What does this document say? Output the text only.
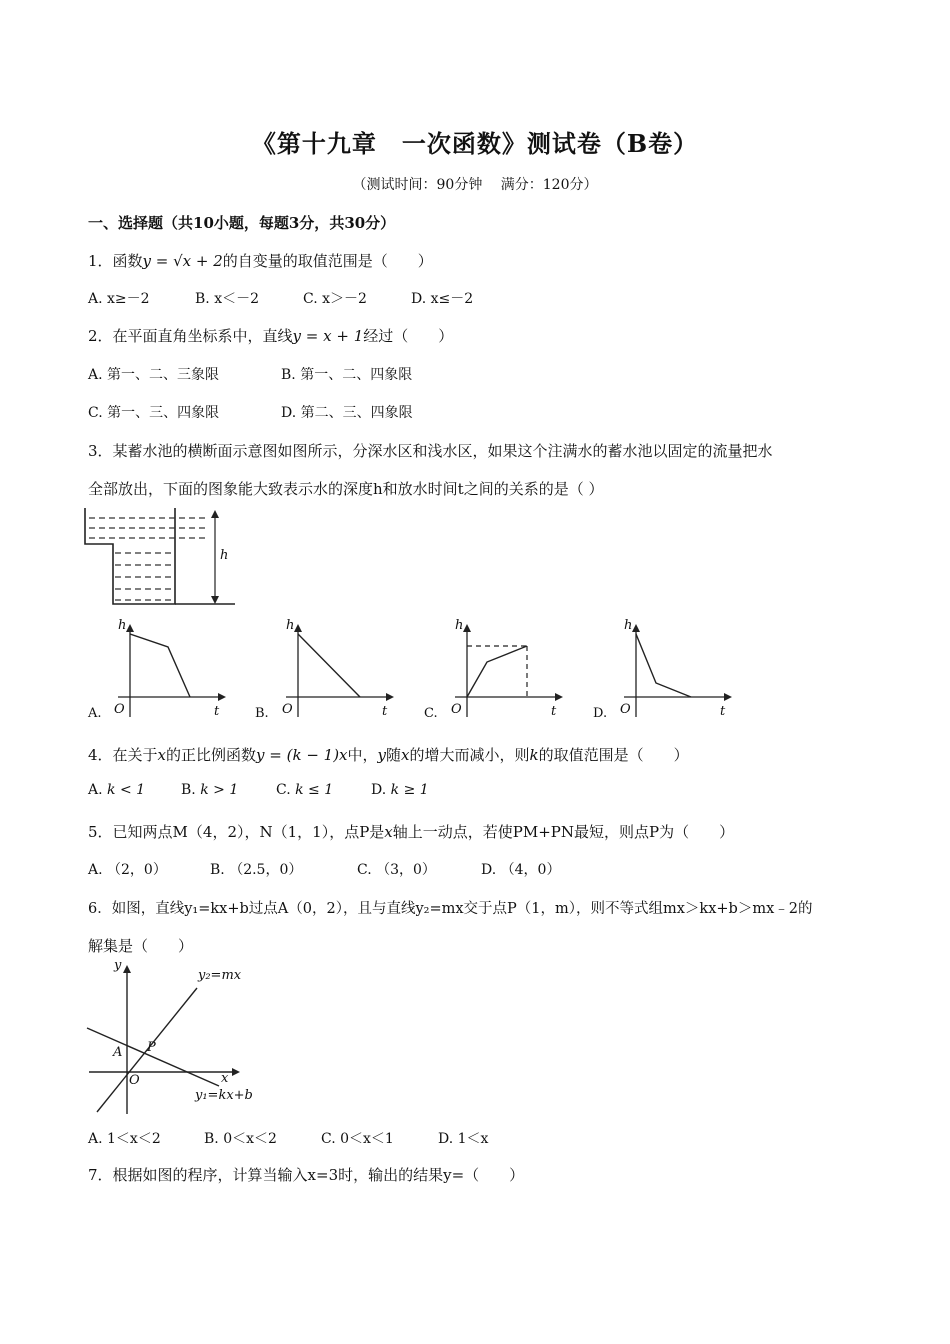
《第十九章　一次函数》测试卷（B卷）
（测试时间：90分钟　 满分：120分）
一、选择题（共10小题，每题3分，共30分）
1．函数y = √x + 2的自变量的取值范围是（　　）
A. x≥－2	B. x＜－2	C. x＞－2	D. x≤－2
2．在平面直角坐标系中，直线y = x + 1经过（　　）
A. 第一、二、三象限	B. 第一、二、四象限
C. 第一、三、四象限	D. 第二、三、四象限
3．某蓄水池的横断面示意图如图所示，分深水区和浅水区，如果这个注满水的蓄水池以固定的流量把水
全部放出，下面的图象能大致表示水的深度h和放水时间t之间的关系的是（ ）
h
A.	B.	C.	D.
h	h	h	h
O	O	O	O
t	t	t	t
4．在关于x的正比例函数y = (k − 1)x中，y随x的增大而减小，则k的取值范围是（　　）
A. k < 1	B. k > 1	C. k ≤ 1	D. k ≥ 1
5．已知两点M（4，2），N（1，1），点P是x轴上一动点，若使PM+PN最短，则点P为（　　）
A. （2，0）	B. （2.5，0）	C. （3，0）	D. （4，0）
6．如图，直线y₁=kx+b过点A（0，2），且与直线y₂=mx交于点P（1，m），则不等式组mx＞kx+b＞mx﹣2的
解集是（　　）
y
x
O
A P
y₂=mx
y₁=kx+b
A. 1＜x＜2	B. 0＜x＜2	C. 0＜x＜1	D. 1＜x
7．根据如图的程序，计算当输入x=3时，输出的结果y=（　　）
